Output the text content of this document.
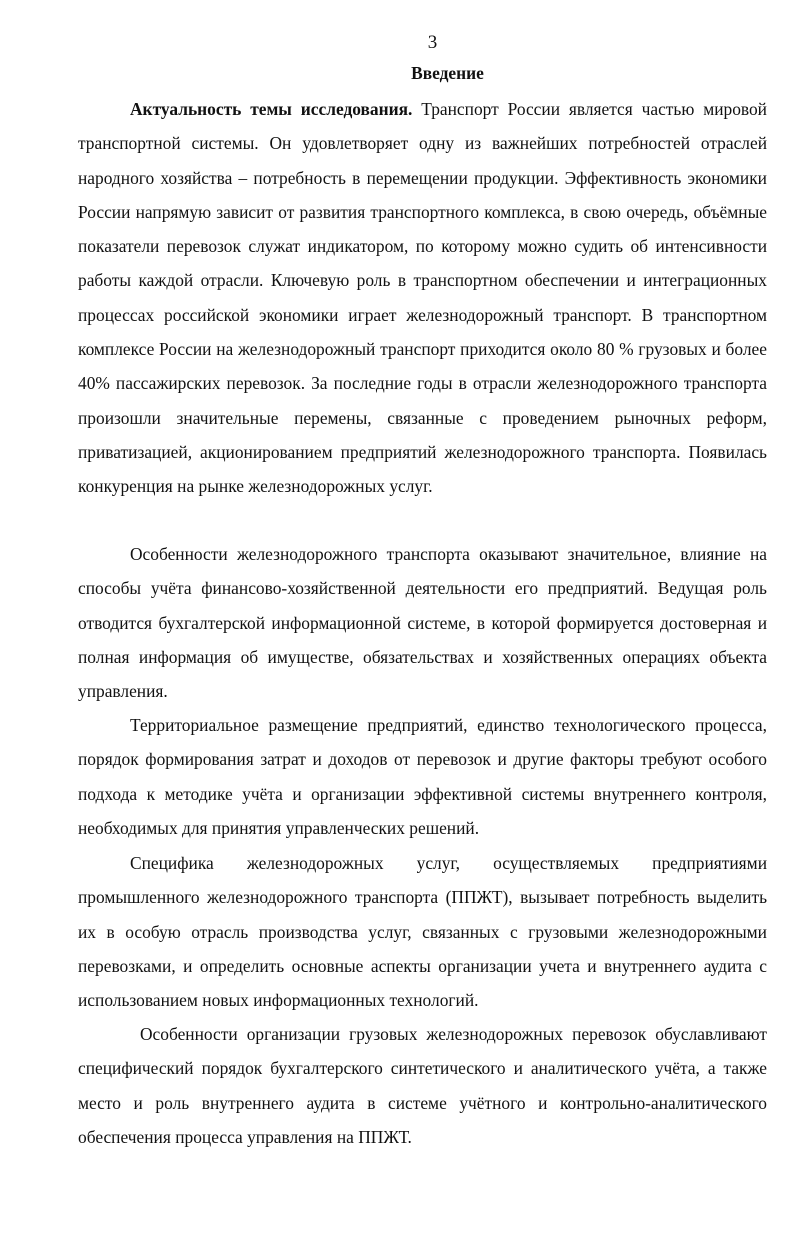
3
Введение

Актуальность темы исследования. Транспорт России является частью мировой транспортной системы. Он удовлетворяет одну из важнейших потребностей отраслей народного хозяйства – потребность в перемещении продукции. Эффективность экономики России напрямую зависит от развития транспортного комплекса, в свою очередь, объёмные показатели перевозок служат индикатором, по которому можно судить об интенсивности работы каждой отрасли. Ключевую роль в транспортном обеспечении и интеграционных процессах российской экономики играет железнодорожный транспорт. В транспортном комплексе России на железнодорожный транспорт приходится около 80 % грузовых и более 40% пассажирских перевозок. За последние годы в отрасли железнодорожного транспорта произошли значительные перемены, связанные с проведением рыночных реформ, приватизацией, акционированием предприятий железнодорожного транспорта. Появилась конкуренция на рынке железнодорожных услуг.

Особенности железнодорожного транспорта оказывают значительное, влияние на способы учёта финансово-хозяйственной деятельности его предприятий. Ведущая роль отводится бухгалтерской информационной системе, в которой формируется достоверная и полная информация об имуществе, обязательствах и хозяйственных операциях объекта управления.

Территориальное размещение предприятий, единство технологического процесса, порядок формирования затрат и доходов от перевозок и другие факторы требуют особого подхода к методике учёта и организации эффективной системы внутреннего контроля, необходимых для принятия управленческих решений.

Специфика железнодорожных услуг, осуществляемых предприятиями промышленного железнодорожного транспорта (ППЖТ), вызывает потребность выделить их в особую отрасль производства услуг, связанных с грузовыми железнодорожными перевозками, и определить основные аспекты организации учета и внутреннего аудита с использованием новых информационных технологий.

Особенности организации грузовых железнодорожных перевозок обуславливают специфический порядок бухгалтерского синтетического и аналитического учёта, а также место и роль внутреннего аудита в системе учётного и контрольно-аналитического обеспечения процесса управления на ППЖТ.
